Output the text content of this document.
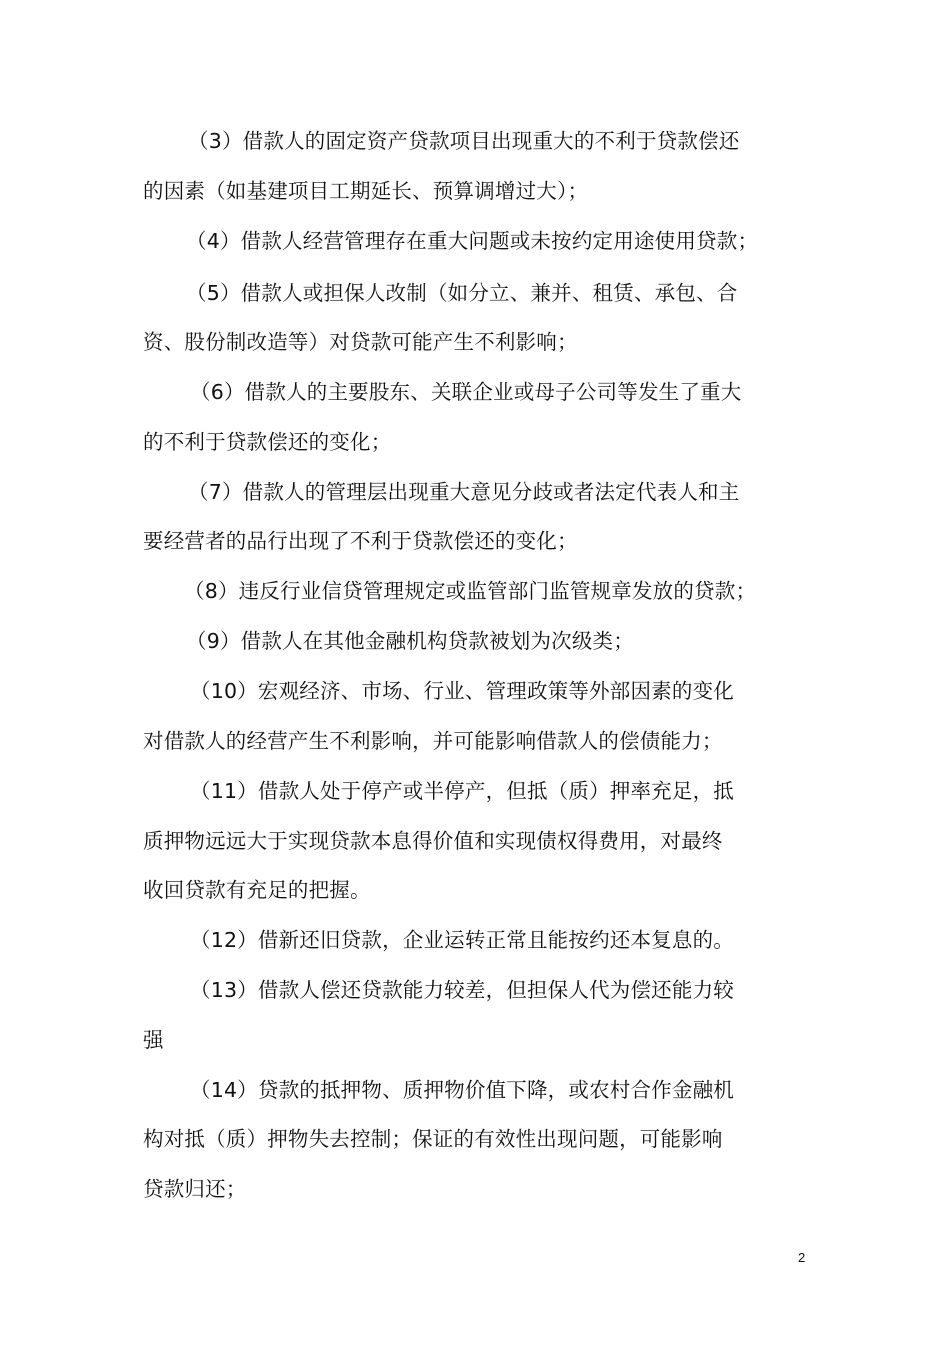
（3）借款人的固定资产贷款项目出现重大的不利于贷款偿还
的因素（如基建项目工期延长、预算调增过大）；
（4）借款人经营管理存在重大问题或未按约定用途使用贷款；
（5）借款人或担保人改制（如分立、兼并、租赁、承包、合
资、股份制改造等）对贷款可能产生不利影响；
（6）借款人的主要股东、关联企业或母子公司等发生了重大
的不利于贷款偿还的变化；
（7）借款人的管理层出现重大意见分歧或者法定代表人和主
要经营者的品行出现了不利于贷款偿还的变化；
（8）违反行业信贷管理规定或监管部门监管规章发放的贷款；
（9）借款人在其他金融机构贷款被划为次级类；
（10）宏观经济、市场、行业、管理政策等外部因素的变化
对借款人的经营产生不利影响，并可能影响借款人的偿债能力；
（11）借款人处于停产或半停产，但抵（质）押率充足，抵
质押物远远大于实现贷款本息得价值和实现债权得费用，对最终
收回贷款有充足的把握。
（12）借新还旧贷款，企业运转正常且能按约还本复息的。
（13）借款人偿还贷款能力较差，但担保人代为偿还能力较
强
（14）贷款的抵押物、质押物价值下降，或农村合作金融机
构对抵（质）押物失去控制；保证的有效性出现问题，可能影响
贷款归还；
2
